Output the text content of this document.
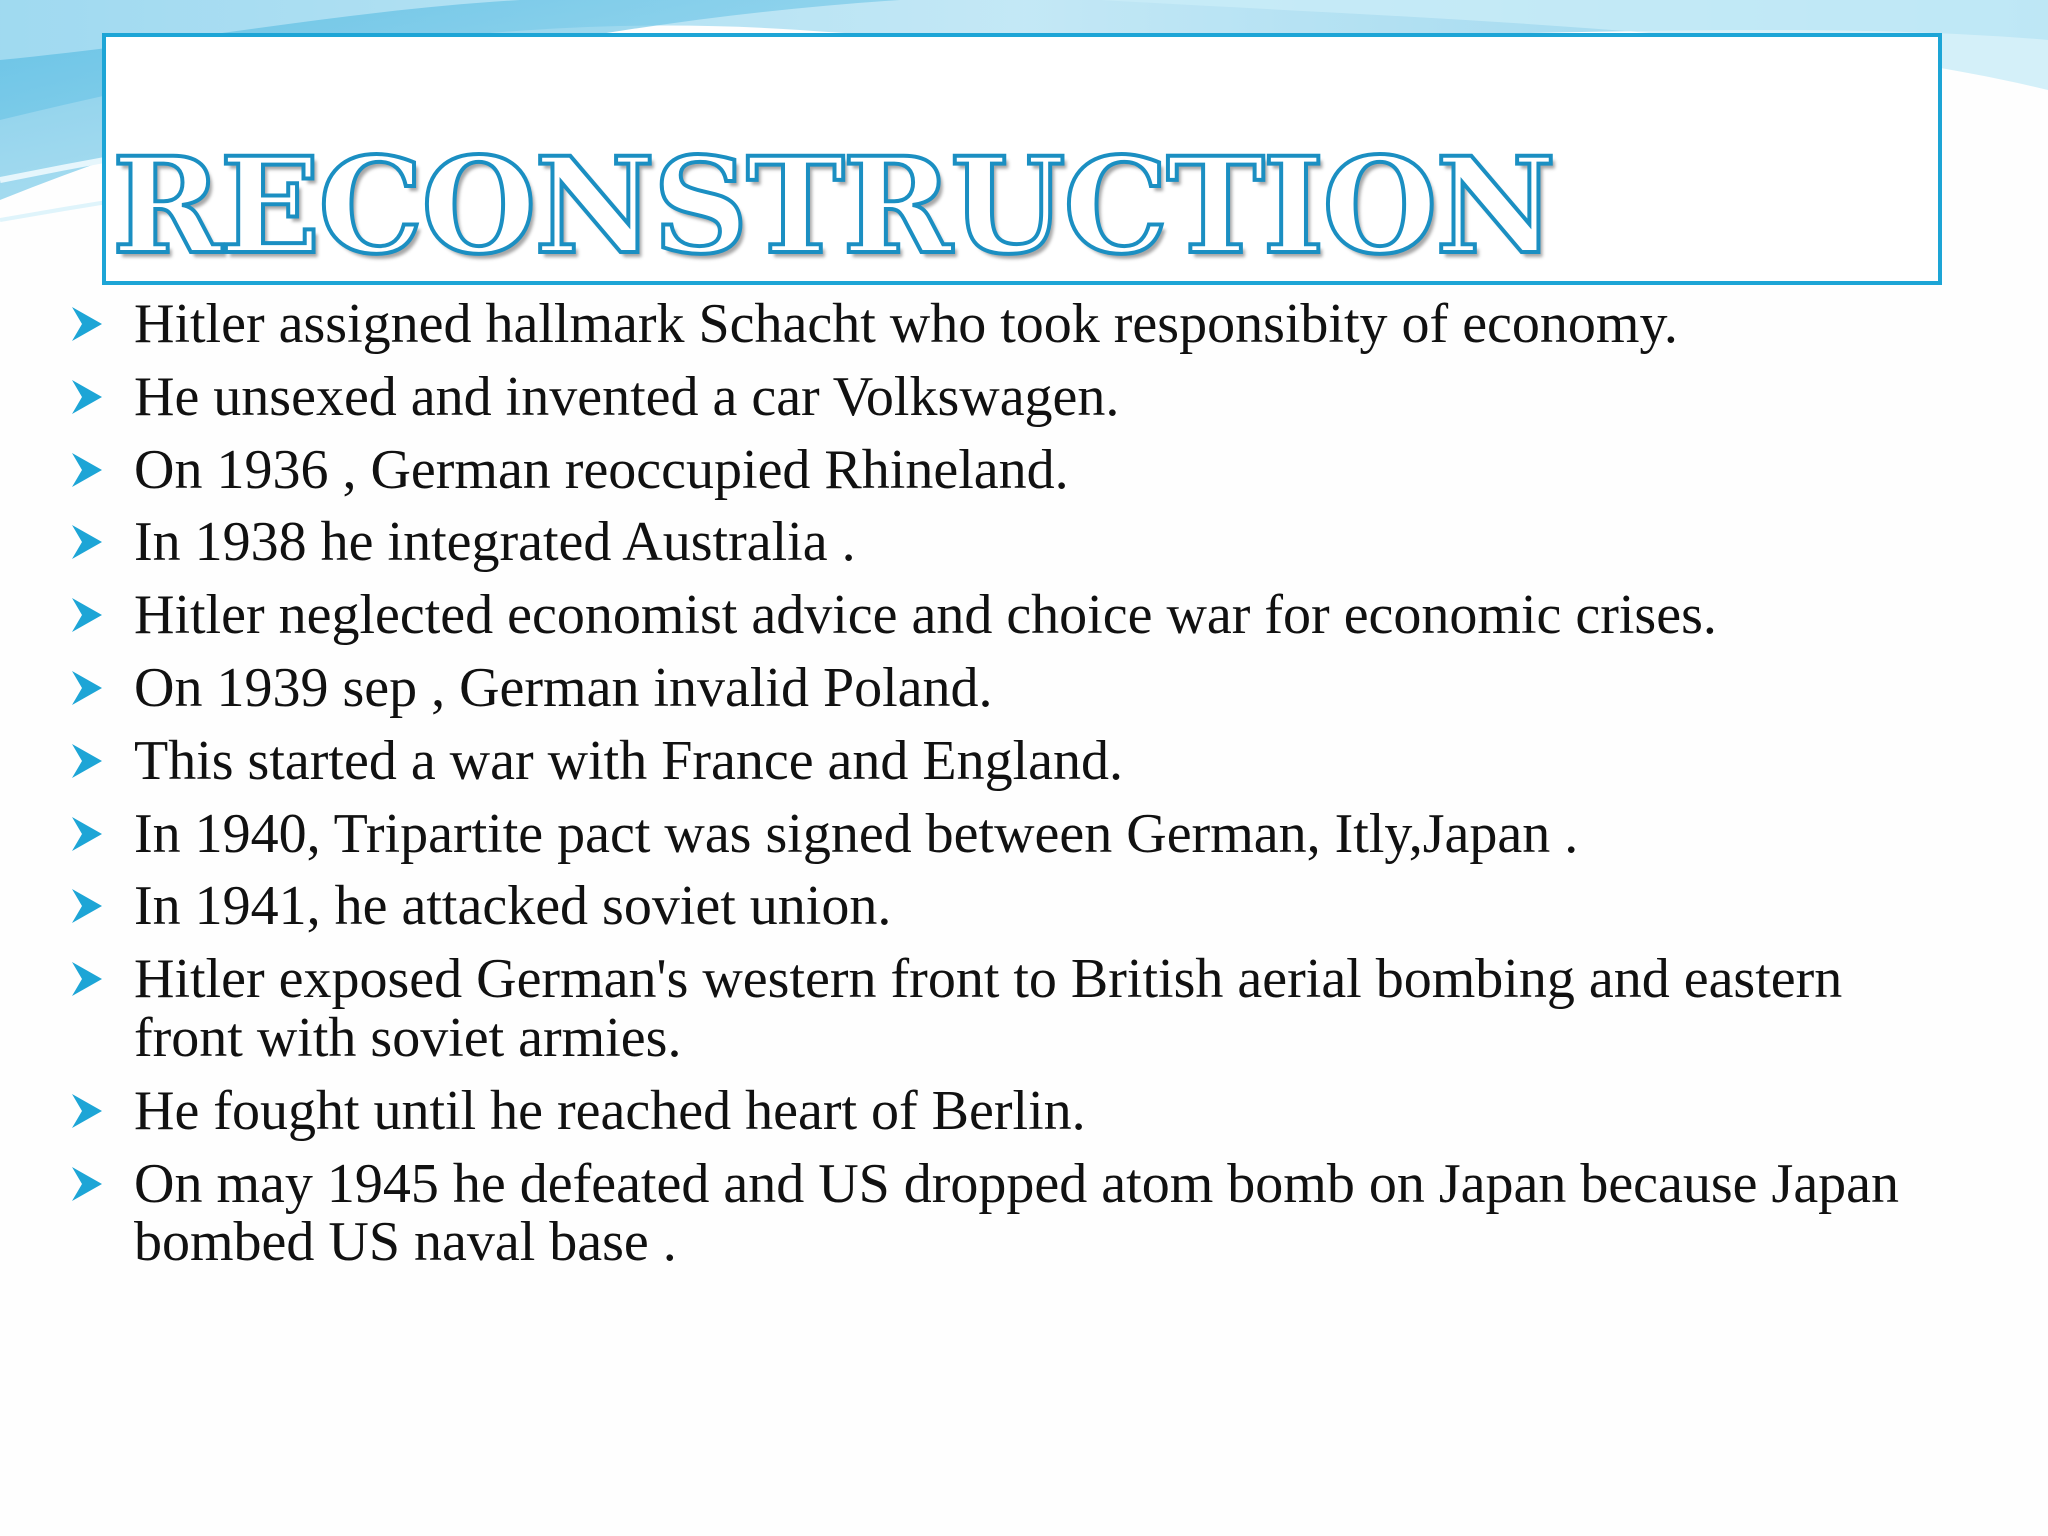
RECONSTRUCTION
Hitler assigned hallmark Schacht who took responsibity of economy.
He unsexed and invented a car Volkswagen.
On 1936 , German reoccupied Rhineland.
In 1938 he integrated Australia .
Hitler neglected economist advice and choice war for economic crises.
On 1939 sep , German invalid Poland.
This started a war with France and England.
In 1940, Tripartite pact was signed between German, Itly,Japan .
In 1941, he attacked soviet union.
Hitler exposed German's western front to British aerial bombing and eastern front with soviet armies.
He fought until he reached heart of Berlin.
On may 1945 he defeated and US dropped atom bomb on Japan because Japan bombed US naval base .
